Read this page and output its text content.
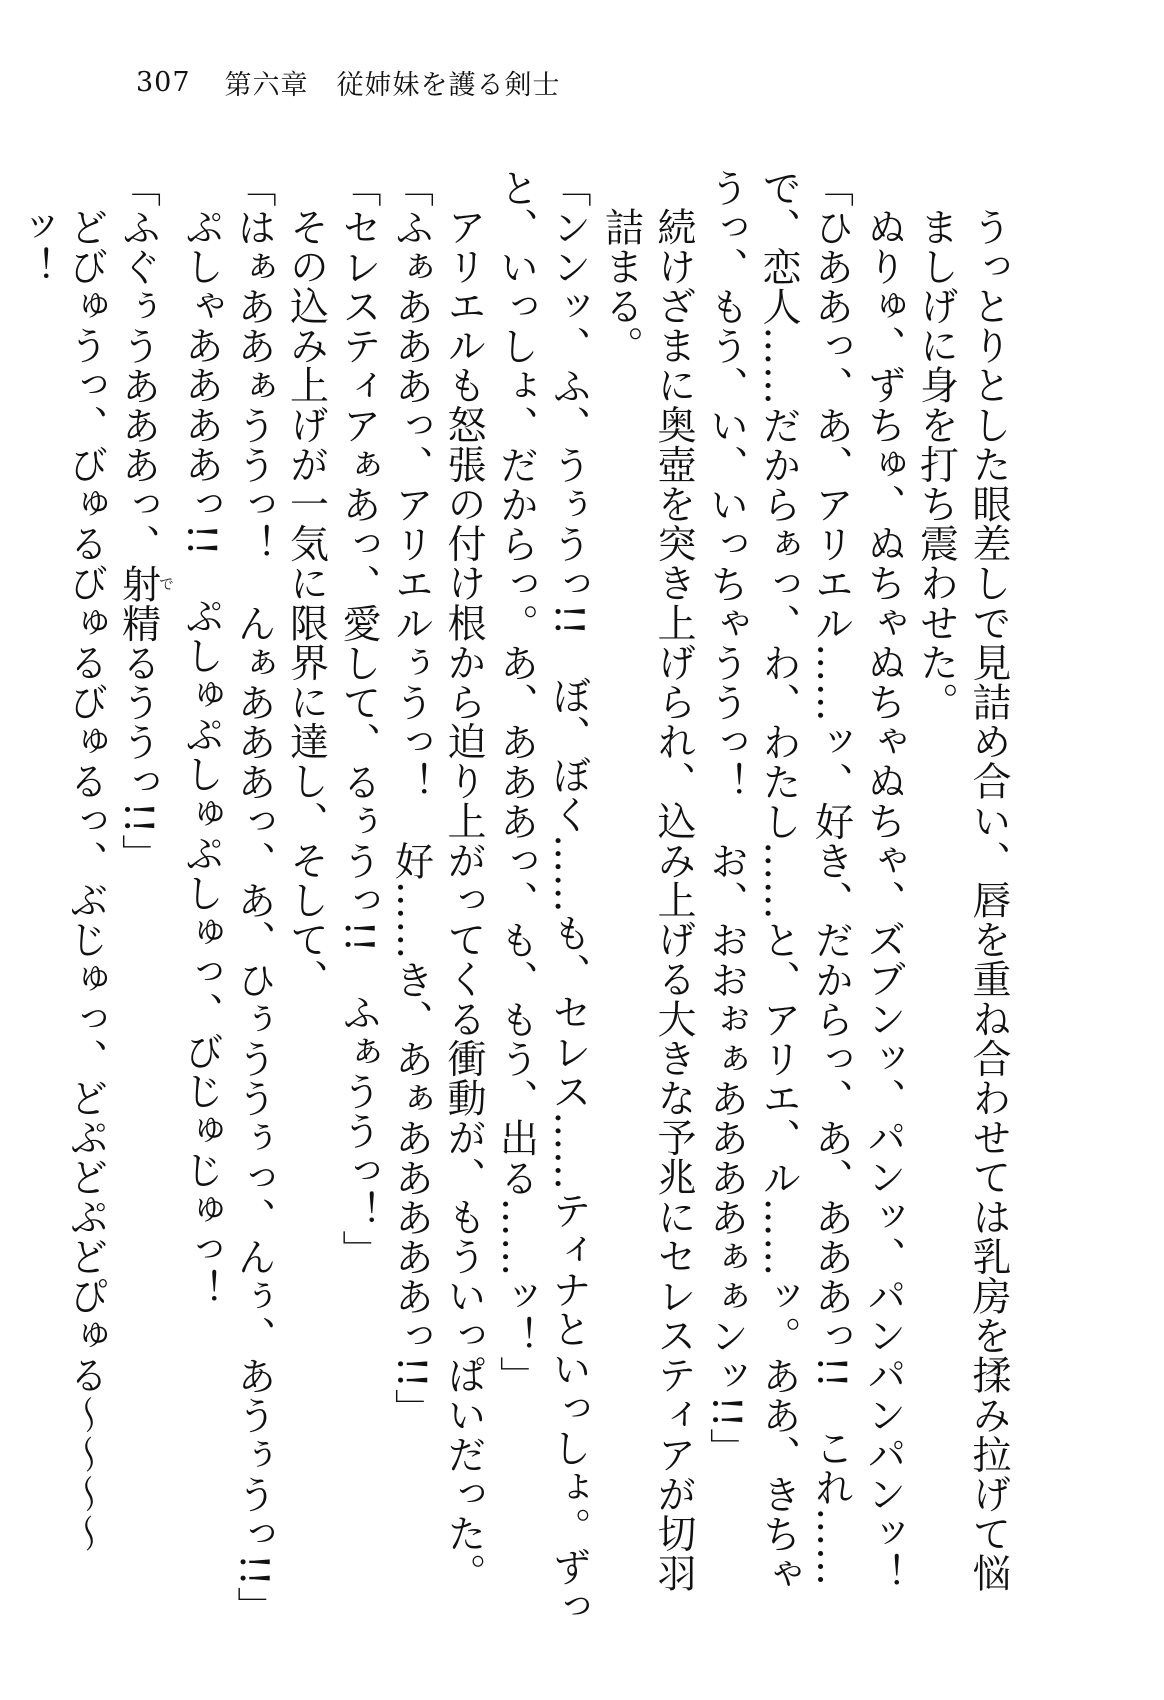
307 第六章 従姉妹を護る剣士

うっとりとした眼差しで見詰め合い、唇を重ね合わせては乳房を揉み拉げて悩ましげに身を打ち震わせた。

ぬりゅ、ずちゅ、ぬちゃぬちゃぬちゃ、ズブンッ、パンッ、パンパンパンッ！

「ひああっ、あ、アリエル……ッ、好き、だからっ、あ、あああっ!!　これ……で、恋人……だからぁっ、わ、わたし……と、アリエ、ル……ッ。ああ、きちゃうっ、もう、い、いっちゃううっ！　お、おおぉぁああああぁぁンッ!!」

続けざまに奥壺を突き上げられ、込み上げる大きな予兆にセレスティアが切羽詰まる。

「ンンッ、ふ、うぅうっ!!　ぼ、ぼく……も、セレス……ティナといっしょ。ずっと、いっしょ、だからっ。あ、あああっ、も、もう、出る……ッ！」

アリエルも怒張の付け根から迫り上がってくる衝動が、もういっぱいだった。

「ふぁあああっ、アリエルぅうっ！　好……き、あぁあああああっ!!」

「セレスティアぁあっ、愛して、るぅうっ!!　ふぁううっ！」

その込み上げが一気に限界に達し、そして、

「はぁああぁううっ！　んぁあああっ、あ、ひぅううぅっ、んぅ、あうぅうっ!!」

ぷしゃああああっ!!　ぷしゅぷしゅぷしゅっ、びじゅじゅっ！

「ふぐぅうあああっ、射で精るううっ!!」

どびゅうっ、びゅるびゅるびゅるっ、ぶじゅっ、どぷどぷどぴゅる〜〜〜〜ッ！
